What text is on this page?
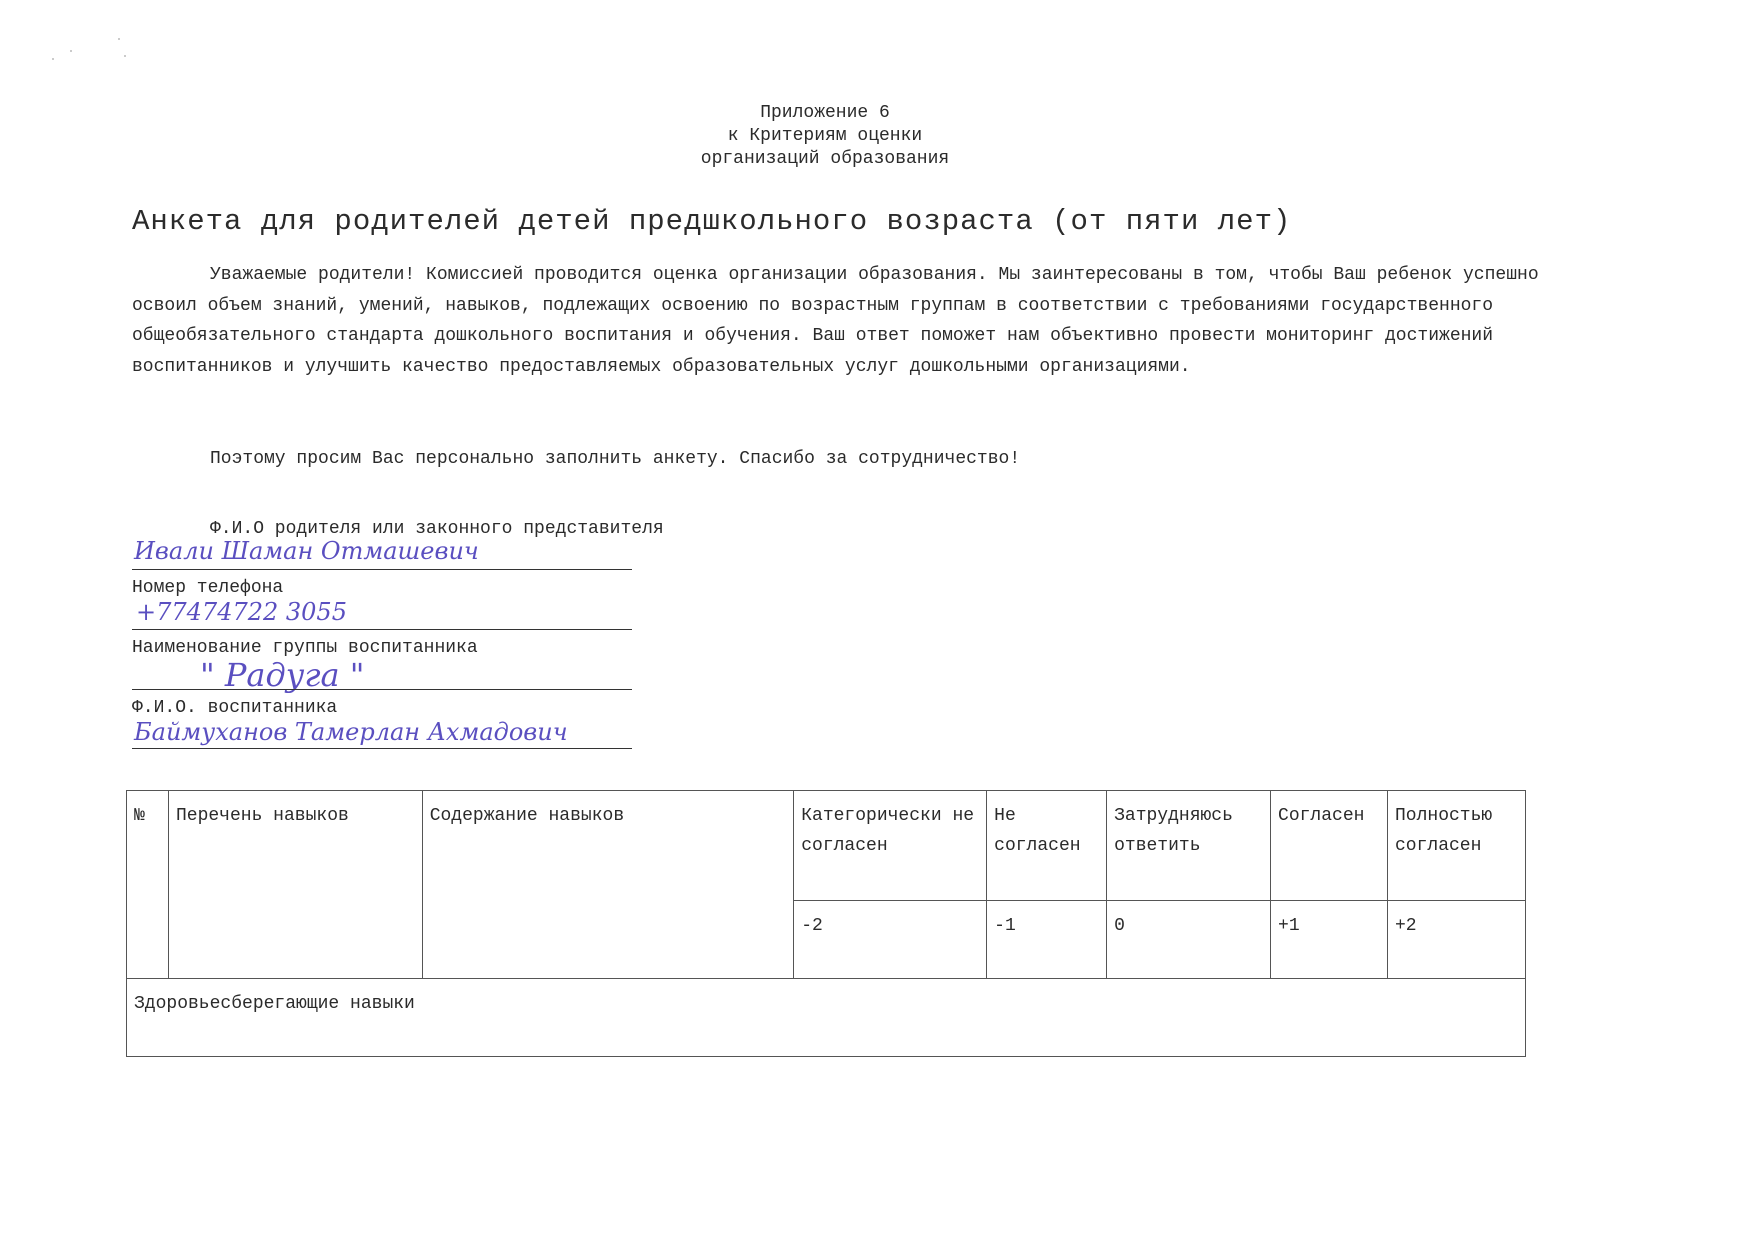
Приложение 6
к Критериям оценки
организаций образования
Анкета для родителей детей предшкольного возраста (от пяти лет)
Уважаемые родители! Комиссией проводится оценка организации образования. Мы заинтересованы в том, чтобы Ваш ребенок успешно освоил объем знаний, умений, навыков, подлежащих освоению по возрастным группам в соответствии с требованиями государственного общеобязательного стандарта дошкольного воспитания и обучения. Ваш ответ поможет нам объективно провести мониторинг достижений воспитанников и улучшить качество предоставляемых образовательных услуг дошкольными организациями.
Поэтому просим Вас персонально заполнить анкету. Спасибо за сотрудничество!
Ф.И.О родителя или законного представителя
Ивали Шаман Отмашевич
Номер телефона
+77474722 3055
Наименование группы воспитанника
" Радуга "
Ф.И.О. воспитанника
Баймуханов Тамерлан Ахмадович
№	Перечень навыков	Содержание навыков	Категорически не согласен	Не согласен	Затрудняюсь ответить	Согласен	Полностью согласен
			-2	-1	0	+1	+2
Здоровьесберегающие навыки							
